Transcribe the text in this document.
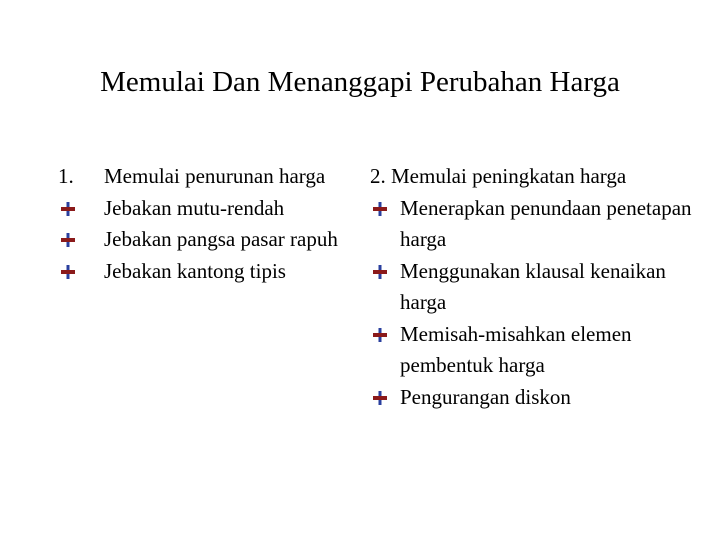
Memulai Dan Menanggapi Perubahan Harga
1. Memulai penurunan harga
Jebakan mutu-rendah
Jebakan pangsa pasar rapuh
Jebakan kantong tipis
2. Memulai peningkatan harga
Menerapkan penundaan penetapan harga
Menggunakan klausal kenaikan harga
Memisah-misahkan elemen pembentuk harga
Pengurangan diskon
